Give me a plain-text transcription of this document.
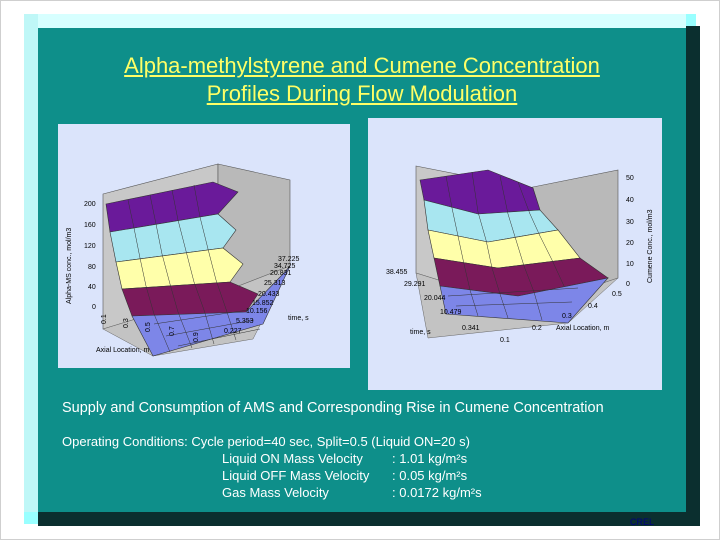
Alpha-methylstyrene and Cumene Concentration
Profiles During Flow Modulation
200
160
120
80
40
0
Alpha-MS conc., mol/m3	37.225
34.725
20.831
25.313
20.433
15.852
10.156
5.353
0.227
time, s
0.1 0.3 0.5 0.7
0.9
Axial Location, m
50
40
30
20
10
0
Cumene Conc., mol/m3
38.455
29.291
20.044
10.479
0.341
time, s
0.5
0.4
0.3
0.2
0.1
Axial Location, m
Supply and Consumption of AMS and Corresponding Rise in Cumene Concentration
Operating Conditions: Cycle period=40 sec, Split=0.5 (Liquid ON=20 s)
Liquid ON Mass Velocity : 1.01 kg/m²s
Liquid OFF Mass Velocity : 0.05 kg/m²s
Gas Mass Velocity	: 0.0172 kg/m²s
CREL
